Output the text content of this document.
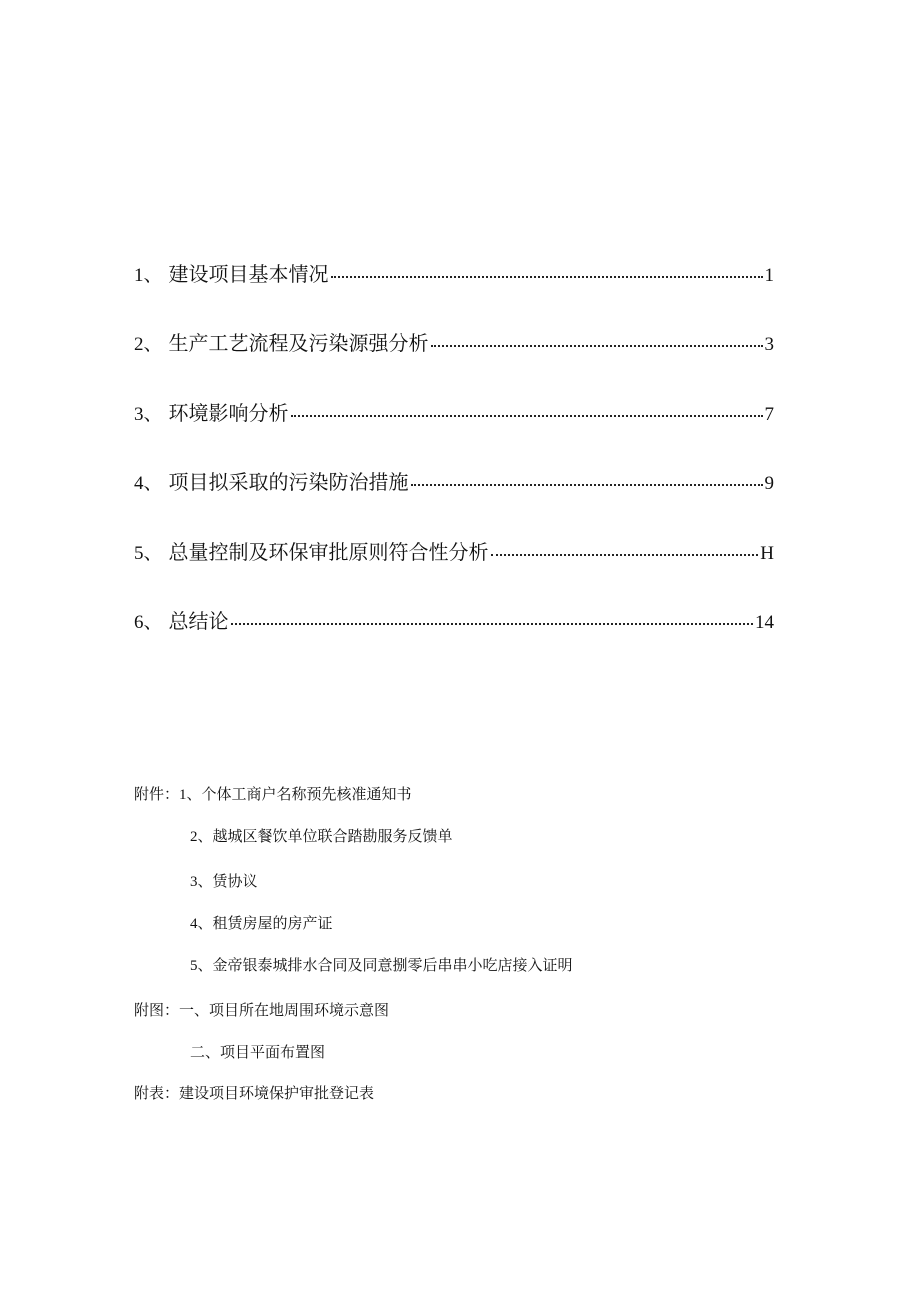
1、 建设项目基本情况	1
2、 生产工艺流程及污染源强分析	3
3、 环境影响分析	7
4、 项目拟采取的污染防治措施	9
5、 总量控制及环保审批原则符合性分析	H
6、 总结论	14
附件：1、个体工商户名称预先核准通知书
2、越城区餐饮单位联合踏勘服务反馈单
3、赁协议
4、租赁房屋的房产证
5、金帝银泰城排水合同及同意捌零后串串小吃店接入证明
附图：一、项目所在地周围环境示意图
二、项目平面布置图
附表：建设项目环境保护审批登记表
